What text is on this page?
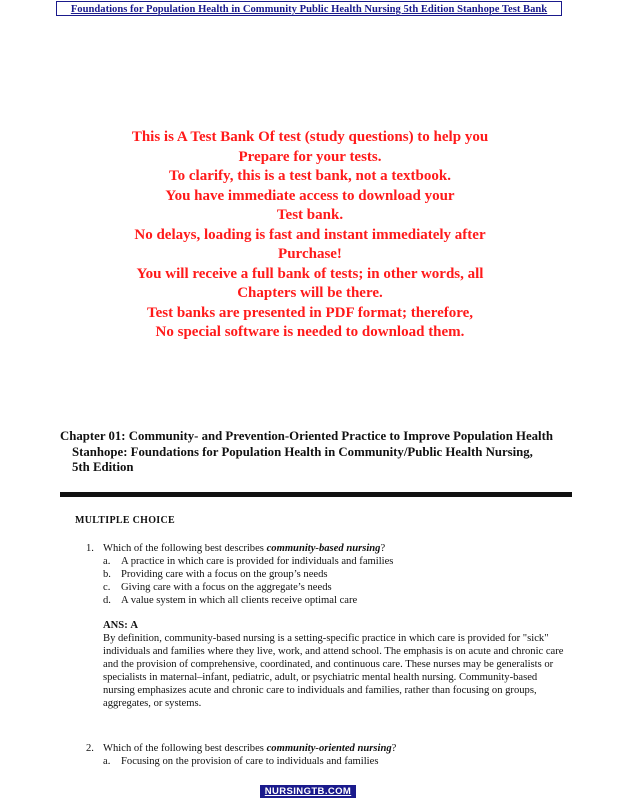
Foundations for Population Health in Community Public Health Nursing 5th Edition Stanhope Test Bank
This is A Test Bank Of test (study questions) to help you
Prepare for your tests.
To clarify, this is a test bank, not a textbook.
You have immediate access to download your
Test bank.
No delays, loading is fast and instant immediately after
Purchase!
You will receive a full bank of tests; in other words, all
Chapters will be there.
Test banks are presented in PDF format; therefore,
No special software is needed to download them.
Chapter 01: Community- and Prevention-Oriented Practice to Improve Population Health
Stanhope: Foundations for Population Health in Community/Public Health Nursing,
5th Edition
MULTIPLE CHOICE
1. Which of the following best describes community-based nursing?
a.	A practice in which care is provided for individuals and families
b. Providing care with a focus on the group’s needs
c.	Giving care with a focus on the aggregate’s needs
d. A value system in which all clients receive optimal care
ANS: A

By definition, community-based nursing is a setting-specific practice in which care is provided for "sick" individuals and families where they live, work, and attend school. The emphasis is on acute and chronic care and the provision of comprehensive, coordinated, and continuous care. These nurses may be generalists or specialists in maternal–infant, pediatric, adult, or psychiatric mental health nursing. Community-based nursing emphasizes acute and chronic care to individuals and families, rather than focusing on groups, aggregates, or systems.

2. Which of the following best describes community-oriented nursing?
a.	Focusing on the provision of care to individuals and families
NURSINGTB.COM
